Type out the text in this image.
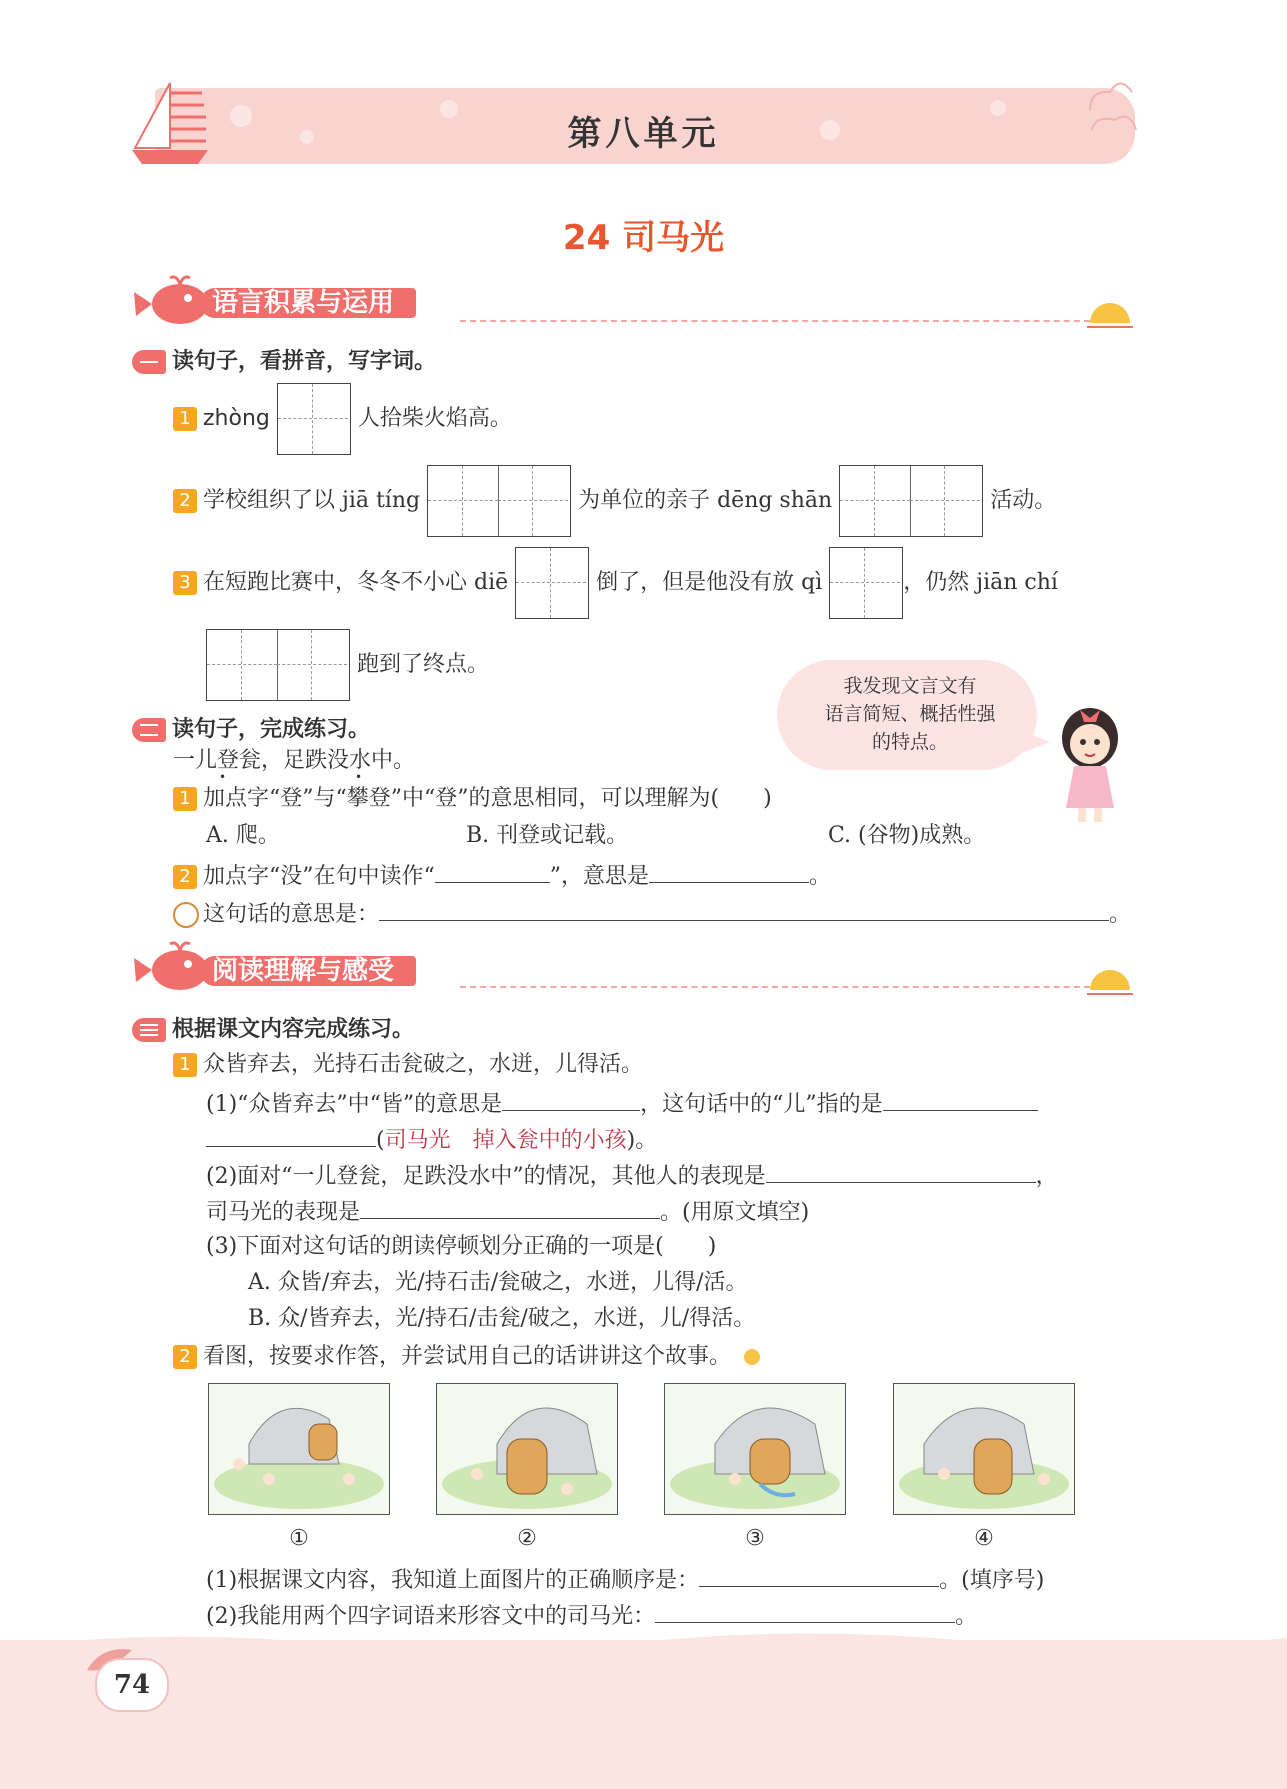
第八单元
24 司马光
语言积累与运用
读句子，看拼音，写字词。
1 zhòng	人拾柴火焰高。
2 学校组织了以 jiā tíng	为单位的亲子 dēng shān	活动。
3 在短跑比赛中，冬冬不小心 diē	倒了，但是他没有放 qì	，仍然 jiān chí
跑到了终点。
我发现文言文有
语言简短、概括性强
的特点。
读句子，完成练习。
一儿登瓮，足跌没水中。
•	•
1 加点字“登”与“攀登”中“登”的意思相同，可以理解为(　　)
A. 爬。	B. 刊登或记载。	C. (谷物)成熟。
2 加点字“没”在句中读作“	”，意思是	。
这句话的意思是：	。
阅读理解与感受
根据课文内容完成练习。
1 众皆弃去，光持石击瓮破之，水迸，儿得活。
(1)“众皆弃去”中“皆”的意思是	，这句话中的“儿”指的是
(司马光　掉入瓮中的小孩)。
(2)面对“一儿登瓮，足跌没水中”的情况，其他人的表现是	，
司马光的表现是	。(用原文填空)
(3)下面对这句话的朗读停顿划分正确的一项是(　　)
A. 众皆/弃去，光/持石击/瓮破之，水迸，儿得/活。
B. 众/皆弃去，光/持石/击瓮/破之，水迸，儿/得活。
2 看图，按要求作答，并尝试用自己的话讲讲这个故事。
①	②	③	④
(1)根据课文内容，我知道上面图片的正确顺序是：	。(填序号)
(2)我能用两个四字词语来形容文中的司马光：	。
74
